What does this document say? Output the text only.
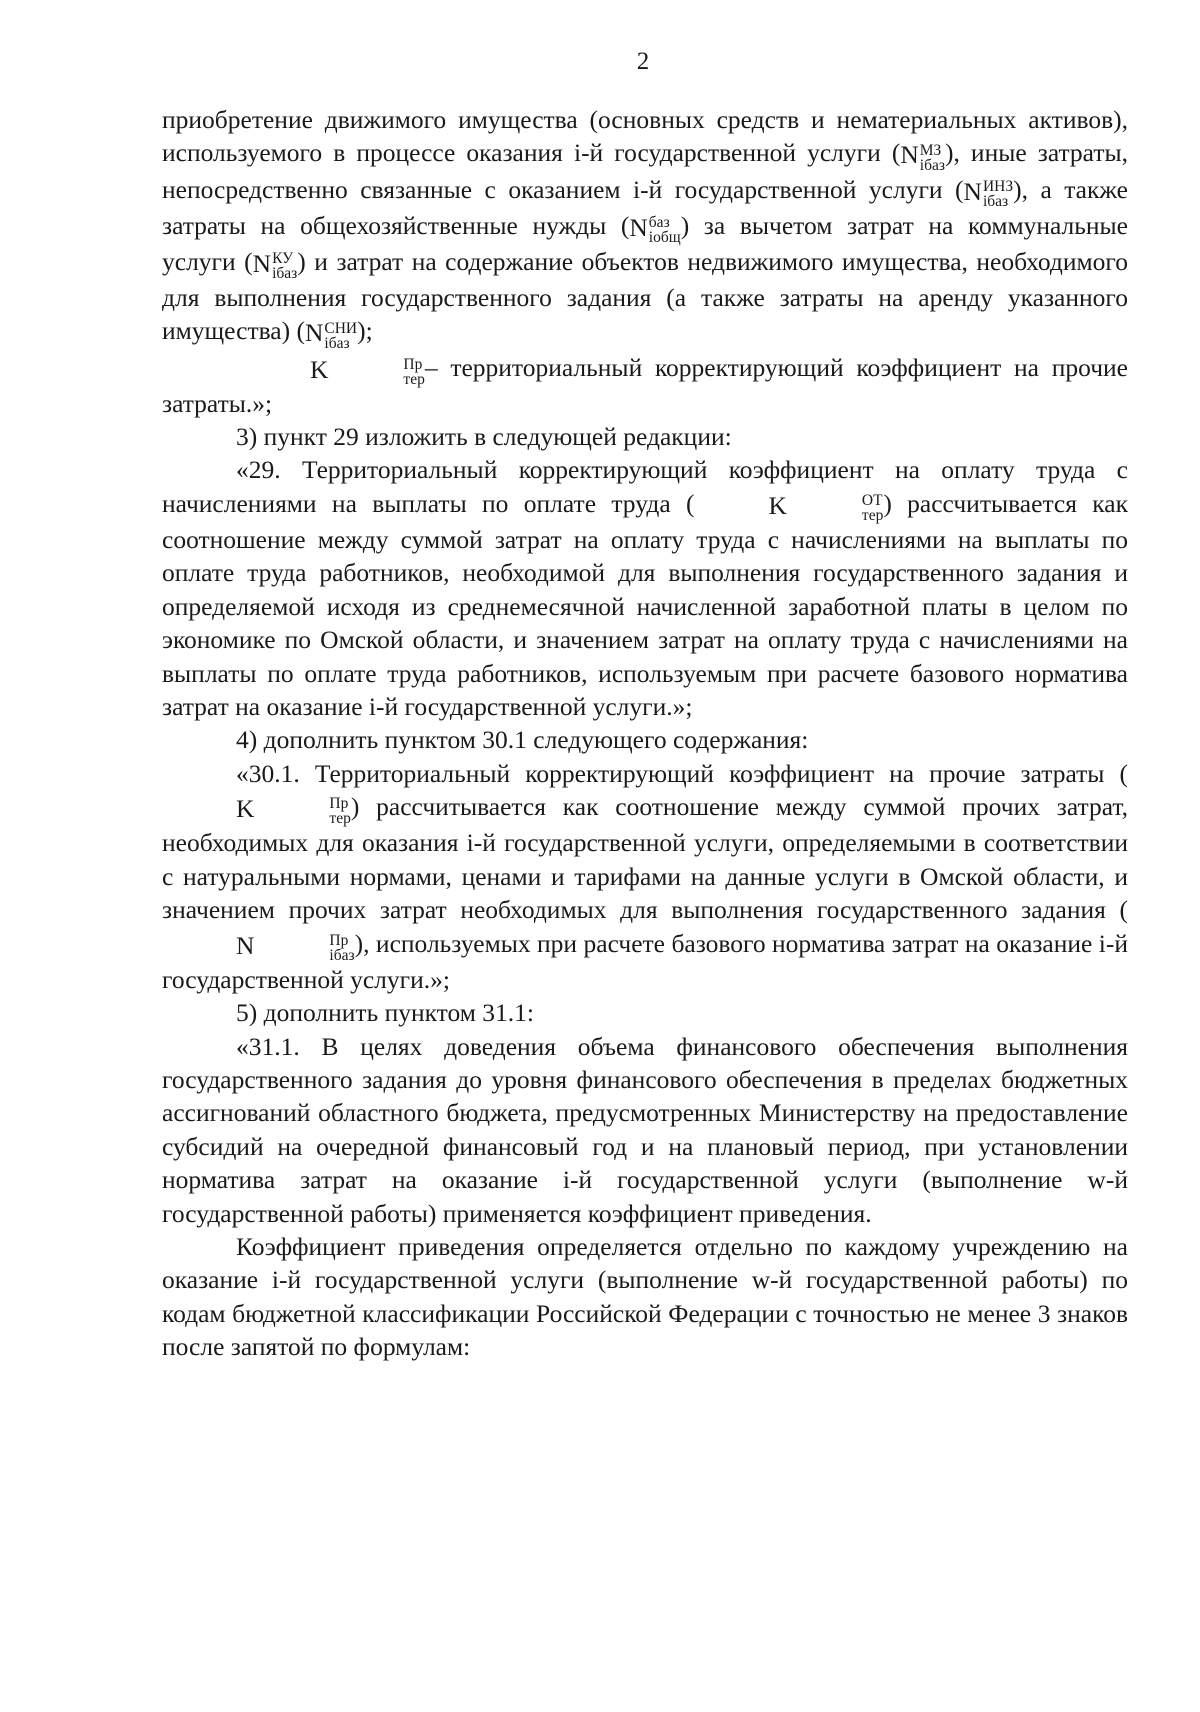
2

приобретение движимого имущества (основных средств и нематериальных активов), используемого в процессе оказания i-й государственной услуги (N МЗ
iбаз ), иные затраты, непосредственно связанные с оказанием i-й государственной услуги (N ИНЗ
iбаз ), а также затраты на общехозяйственные нужды (N баз
iобщ ) за вычетом затрат на коммунальные услуги (N КУ
iбаз ) и затрат на содержание объектов недвижимого имущества, необходимого для выполнения государственного задания (а также затраты на аренду указанного имущества) (N СНИ
iбаз );

K	Пр
тер – территориальный корректирующий коэффициент на прочие затраты.»;

3) пункт 29 изложить в следующей редакции:

«29. Территориальный корректирующий коэффициент на оплату труда с начислениями на выплаты по оплате труда (	K	ОТ
тер ) рассчитывается как соотношение между суммой затрат на оплату труда с начислениями на выплаты по оплате труда работников, необходимой для выполнения государственного задания и определяемой исходя из среднемесячной начисленной заработной платы в целом по экономике по Омской области, и значением затрат на оплату труда с начислениями на выплаты по оплате труда работников, используемым при расчете базового норматива затрат на оказание i-й государственной услуги.»;

4) дополнить пунктом 30.1 следующего содержания:

«30.1. Территориальный корректирующий коэффициент на прочие затраты (K	Пр
тер ) рассчитывается как соотношение между суммой прочих затрат, необходимых для оказания i-й государственной услуги, определяемыми в соответствии с натуральными нормами, ценами и тарифами на данные услуги в Омской области, и значением прочих затрат необходимых для выполнения государственного задания (N	Пр
iбаз ), используемых при расчете базового норматива затрат на оказание i-й государственной услуги.»;

5) дополнить пунктом 31.1:

«31.1. В целях доведения объема финансового обеспечения выполнения государственного задания до уровня финансового обеспечения в пределах бюджетных ассигнований областного бюджета, предусмотренных Министерству на предоставление субсидий на очередной финансовый год и на плановый период, при установлении норматива затрат на оказание i-й государственной услуги (выполнение w-й государственной работы) применяется коэффициент приведения.

Коэффициент приведения определяется отдельно по каждому учреждению на оказание i-й государственной услуги (выполнение w-й государственной работы) по кодам бюджетной классификации Российской Федерации с точностью не менее 3 знаков после запятой по формулам:
